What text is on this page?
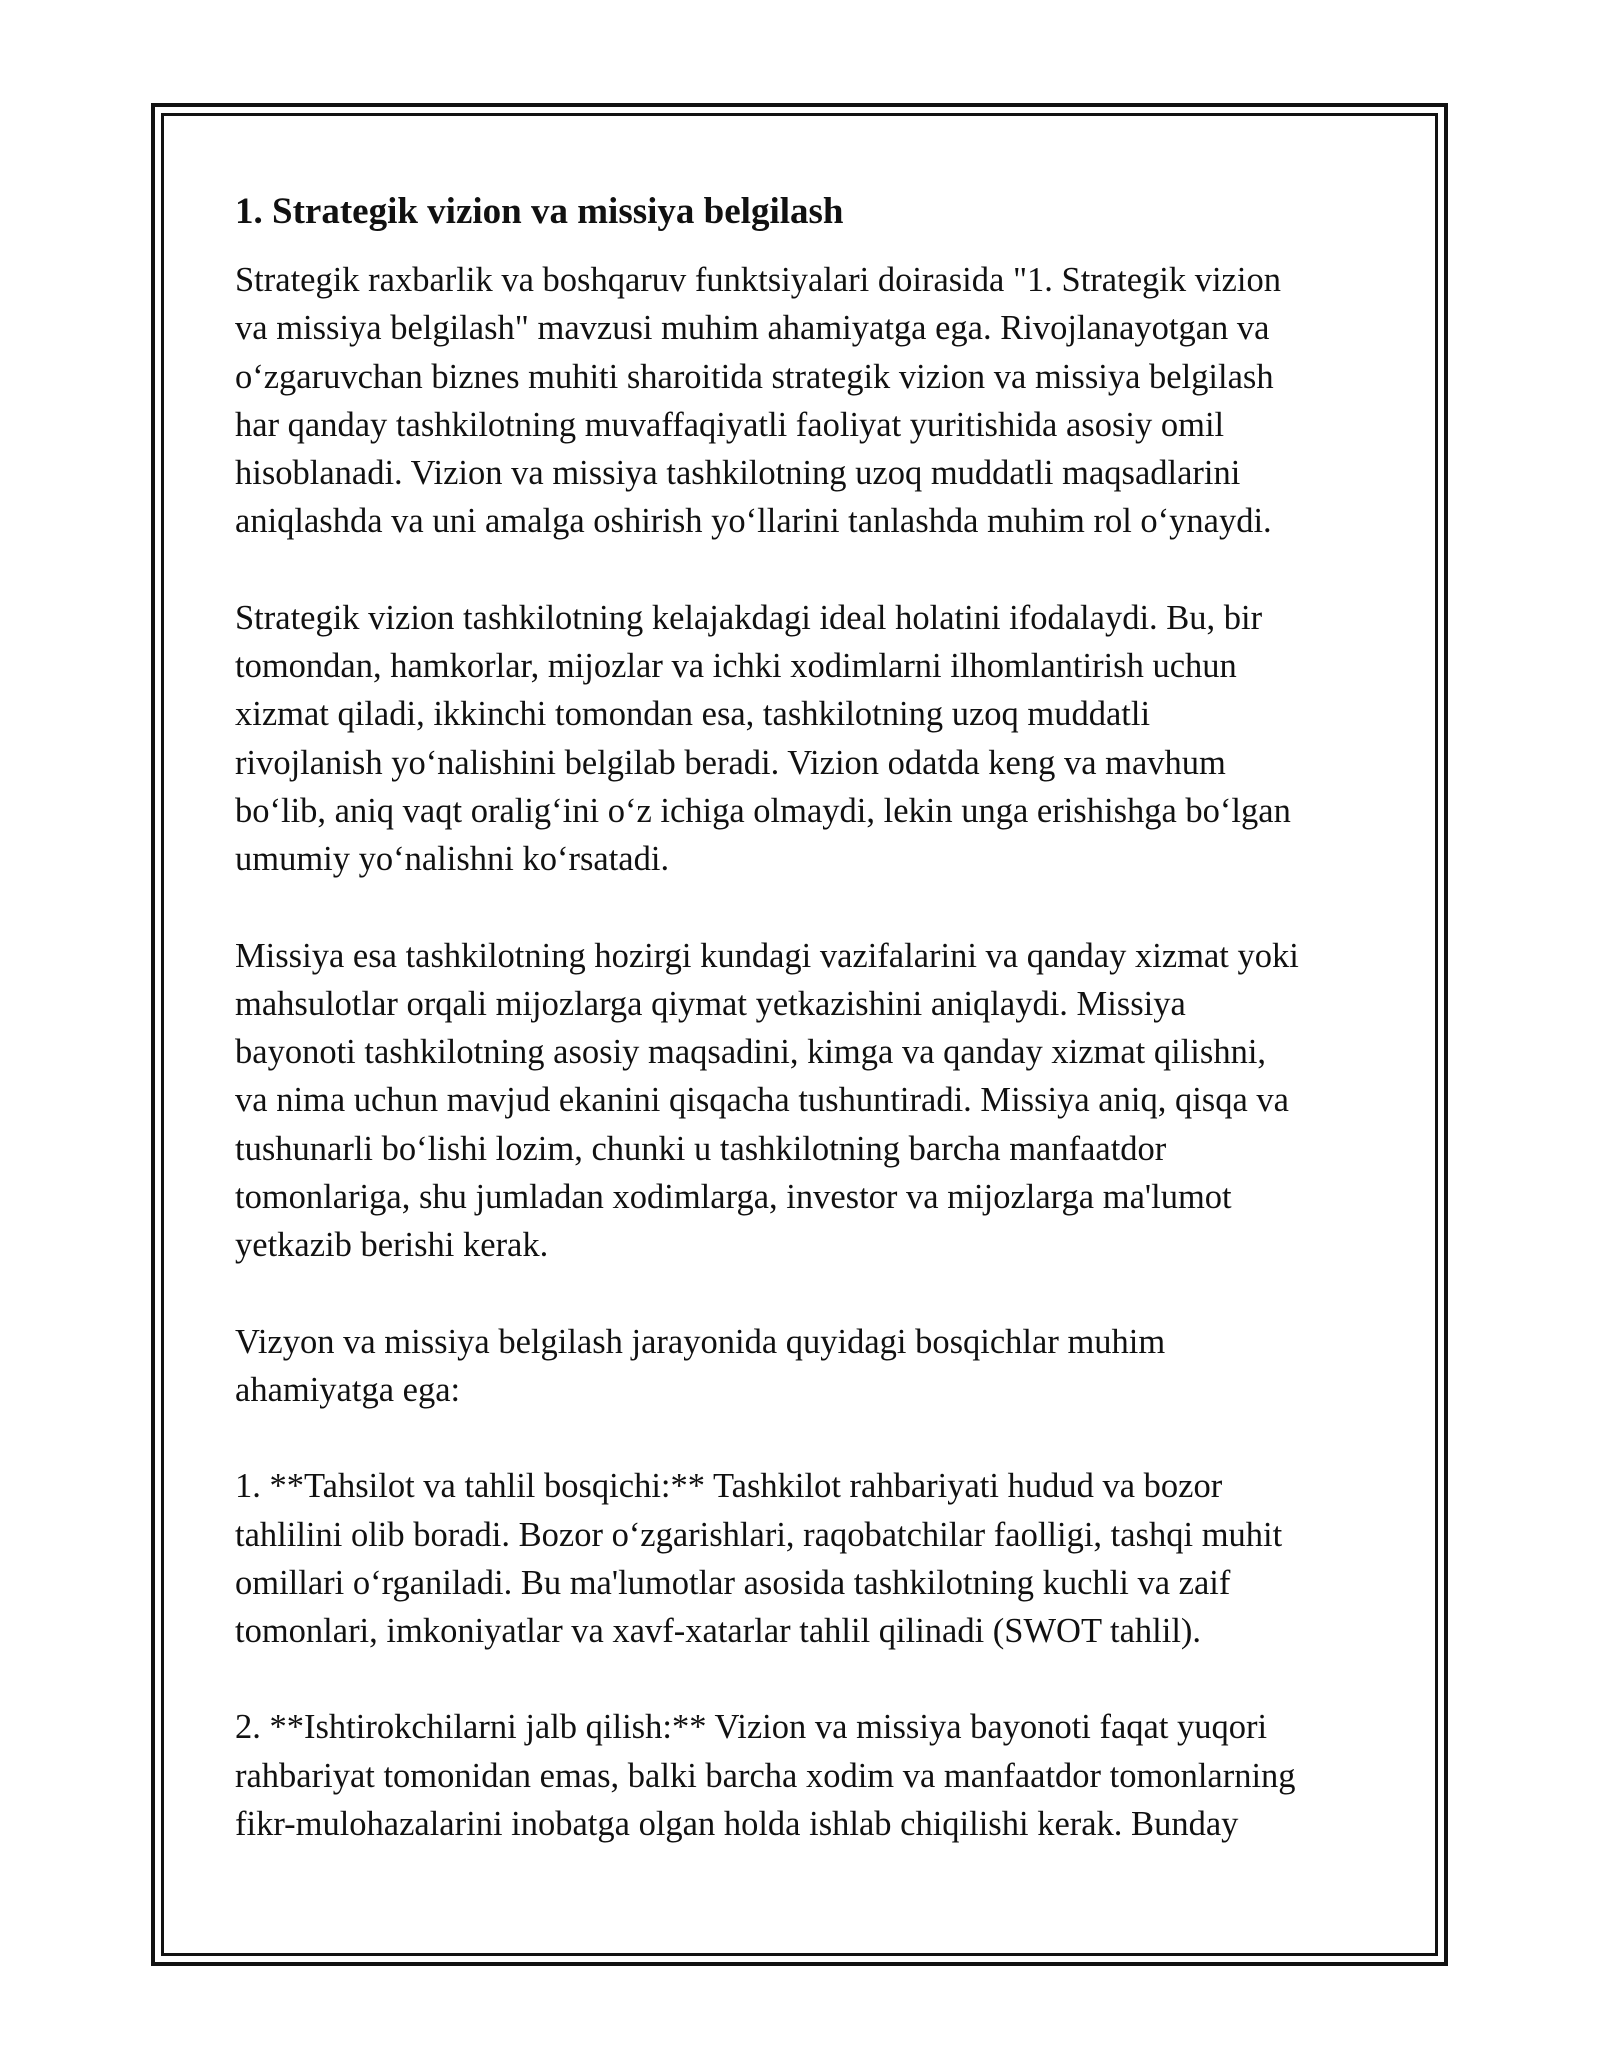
1. Strategik vizion va missiya belgilash
Strategik raxbarlik va boshqaruv funktsiyalari doirasida "1. Strategik vizion
va missiya belgilash" mavzusi muhim ahamiyatga ega. Rivojlanayotgan va
o‘zgaruvchan biznes muhiti sharoitida strategik vizion va missiya belgilash
har qanday tashkilotning muvaffaqiyatli faoliyat yuritishida asosiy omil
hisoblanadi. Vizion va missiya tashkilotning uzoq muddatli maqsadlarini
aniqlashda va uni amalga oshirish yo‘llarini tanlashda muhim rol o‘ynaydi.
Strategik vizion tashkilotning kelajakdagi ideal holatini ifodalaydi. Bu, bir
tomondan, hamkorlar, mijozlar va ichki xodimlarni ilhomlantirish uchun
xizmat qiladi, ikkinchi tomondan esa, tashkilotning uzoq muddatli
rivojlanish yo‘nalishini belgilab beradi. Vizion odatda keng va mavhum
bo‘lib, aniq vaqt oralig‘ini o‘z ichiga olmaydi, lekin unga erishishga bo‘lgan
umumiy yo‘nalishni ko‘rsatadi.
Missiya esa tashkilotning hozirgi kundagi vazifalarini va qanday xizmat yoki
mahsulotlar orqali mijozlarga qiymat yetkazishini aniqlaydi. Missiya
bayonoti tashkilotning asosiy maqsadini, kimga va qanday xizmat qilishni,
va nima uchun mavjud ekanini qisqacha tushuntiradi. Missiya aniq, qisqa va
tushunarli bo‘lishi lozim, chunki u tashkilotning barcha manfaatdor
tomonlariga, shu jumladan xodimlarga, investor va mijozlarga ma'lumot
yetkazib berishi kerak.
Vizyon va missiya belgilash jarayonida quyidagi bosqichlar muhim
ahamiyatga ega:
1. **Tahsilot va tahlil bosqichi:** Tashkilot rahbariyati hudud va bozor
tahlilini olib boradi. Bozor o‘zgarishlari, raqobatchilar faolligi, tashqi muhit
omillari o‘rganiladi. Bu ma'lumotlar asosida tashkilotning kuchli va zaif
tomonlari, imkoniyatlar va xavf-xatarlar tahlil qilinadi (SWOT tahlil).
2. **Ishtirokchilarni jalb qilish:** Vizion va missiya bayonoti faqat yuqori
rahbariyat tomonidan emas, balki barcha xodim va manfaatdor tomonlarning
fikr-mulohazalarini inobatga olgan holda ishlab chiqilishi kerak. Bunday
